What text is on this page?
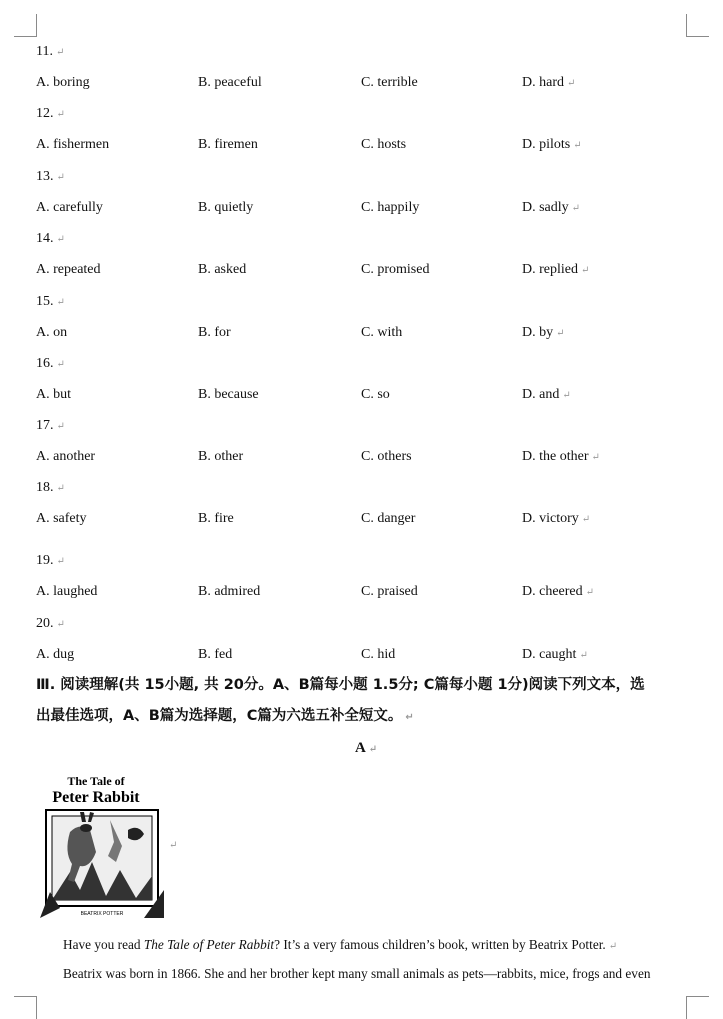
11. ↵
A. boring	B. peaceful	C. terrible	D. hard ↵
12. ↵
A. fishermen	B. firemen	C. hosts	D. pilots ↵
13. ↵
A. carefully	B. quietly	C. happily	D. sadly ↵
14. ↵
A. repeated	B. asked	C. promised	D. replied ↵
15. ↵
A. on	B. for	C. with	D. by ↵
16. ↵
A. but	B. because	C. so	D. and ↵
17. ↵
A. another	B. other	C. others	D. the other ↵
18. ↵
A. safety	B. fire	C. danger	D. victory ↵
19. ↵
A. laughed	B. admired	C. praised	D. cheered ↵
20. ↵
A. dug	B. fed	C. hid	D. caught ↵
Ⅲ. 阅读理解(共 15小题, 共 20分。A、B篇每小题 1.5分; C篇每小题 1分)阅读下列文本，选
出最佳选项，A、B篇为选择题，C篇为六选五补全短文。 ↵
A ↵
The Tale of
Peter Rabbit
BEATRIX POTTER
↵
Have you read The Tale of Peter Rabbit? It’s a very famous children’s book, written by Beatrix Potter. ↵
Beatrix was born in 1866. She and her brother kept many small animals as pets—rabbits, mice, frogs and even
